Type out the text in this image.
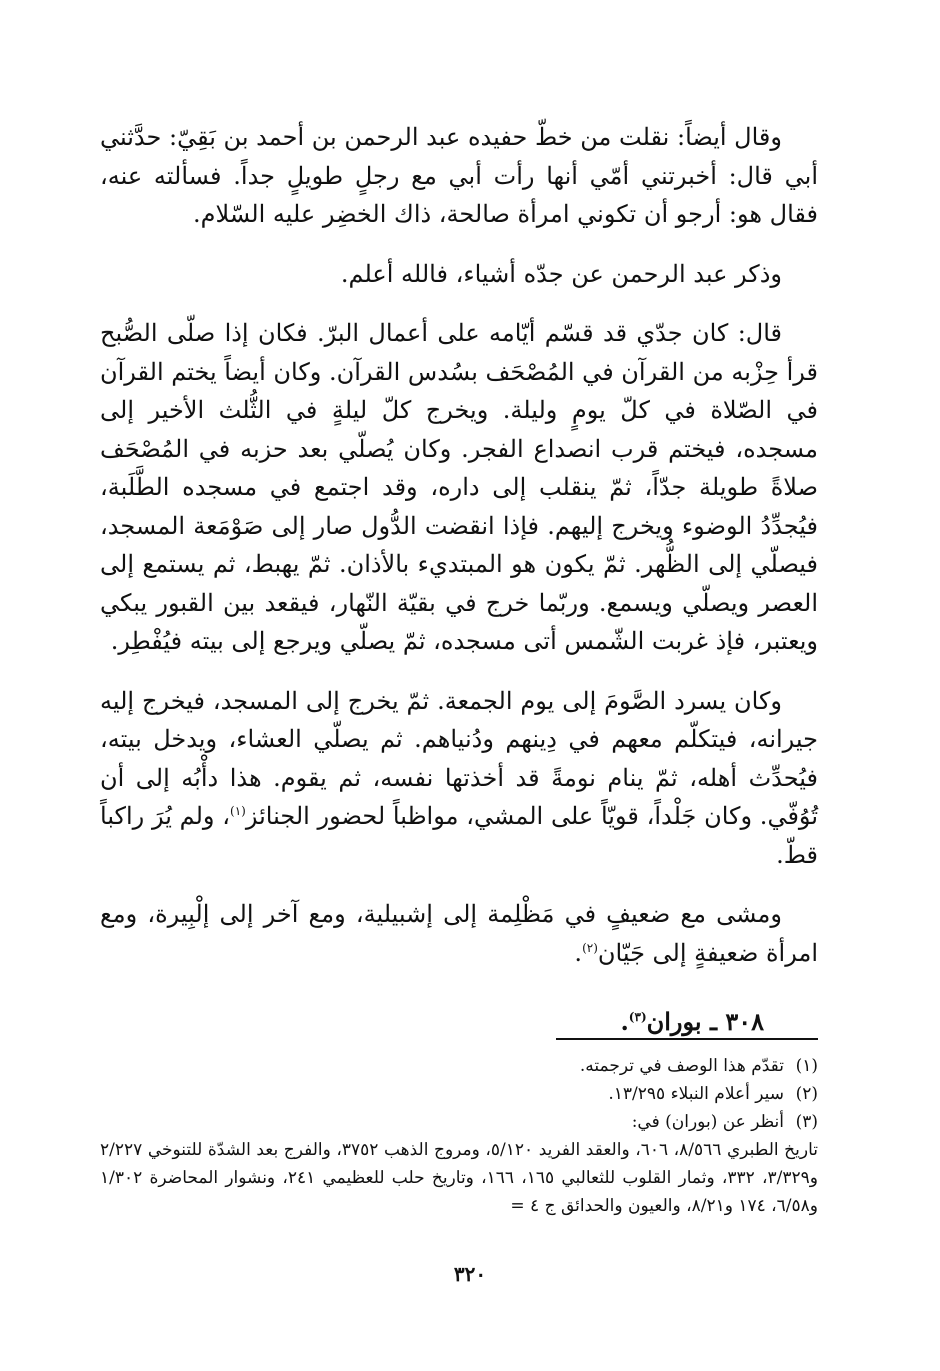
وقال أيضاً: نقلت من خطّ حفيده عبد الرحمن بن أحمد بن بَقِيّ: حدَّثني أبي قال: أخبرتني أمّي أنها رأت أبي مع رجلٍ طويلٍ جداً. فسألته عنه، فقال هو: أرجو أن تكوني امرأة صالحة، ذاك الخضِر عليه السّلام.

وذكر عبد الرحمن عن جدّه أشياء، فالله أعلم.

قال: كان جدّي قد قسّم أيّامه على أعمال البرّ. فكان إذا صلّى الصُّبح قرأ حِزْبه من القرآن في المُصْحَف بسُدس القرآن. وكان أيضاً يختم القرآن في الصّلاة في كلّ يومٍ وليلة. ويخرج كلّ ليلةٍ في الثُّلث الأخير إلى مسجده، فيختم قرب انصداع الفجر. وكان يُصلّي بعد حزبه في المُصْحَف صلاةً طويلة جدّاً، ثمّ ينقلب إلى داره، وقد اجتمع في مسجده الطَّلَبة، فيُجدِّدُ الوضوء ويخرج إليهم. فإذا انقضت الدُّول صار إلى صَوْمَعة المسجد، فيصلّي إلى الظُّهر. ثمّ يكون هو المبتديء بالأذان. ثمّ يهبط، ثم يستمع إلى العصر ويصلّي ويسمع. وربّما خرج في بقيّة النّهار، فيقعد بين القبور يبكي ويعتبر، فإذ غربت الشّمس أتى مسجده، ثمّ يصلّي ويرجع إلى بيته فيُفْطِر.

وكان يسرد الصَّومَ إلى يوم الجمعة. ثمّ يخرج إلى المسجد، فيخرج إليه جيرانه، فيتكلّم معهم في دِينهم ودُنياهم. ثم يصلّي العشاء، ويدخل بيته، فيُحدِّث أهله، ثمّ ينام نومةً قد أخذتها نفسه، ثم يقوم. هذا دأْبُه إلى أن تُوُفّي. وكان جَلْداً، قويّاً على المشي، مواظباً لحضور الجنائز$^{(١)}$، ولم يُرَ راكباً قطّ.

ومشى مع ضعيفٍ في مَظْلِمة إلى إشبيلية، ومع آخر إلى إلْبِيرة، ومع امرأة ضعيفةٍ إلى جَيّان$^{(٢)}$.

٣٠٨ ـ بوران$^{(٣)}$.

(١)تقدّم هذا الوصف في ترجمته.

(٢)سير أعلام النبلاء ١٣/٢٩٥.

(٣)أنظر عن (بوران) في:

تاريخ الطبري ٨/٥٦٦، ٦٠٦، والعقد الفريد ٥/١٢٠، ومروج الذهب ٣٧٥٢، والفرج بعد الشدّة للتنوخي ٢/٢٢٧ و٣/٣٢٩، ٣٣٢، وثمار القلوب للثعالبي ١٦٥، ١٦٦، وتاريخ حلب للعظيمي ٢٤١، ونشوار المحاضرة ١/٣٠٢ و٦/٥٨، ١٧٤ و٨/٢١، والعيون والحدائق ج ٤ =

٣٢٠
